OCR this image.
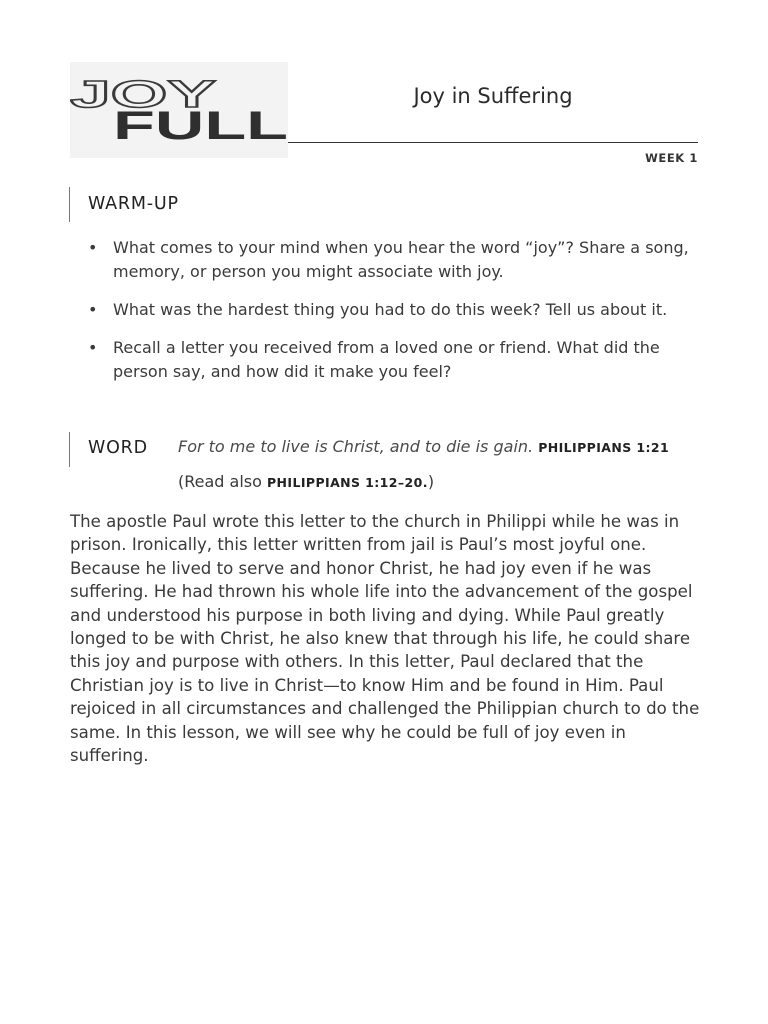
JOY
FULL
Joy in Suffering
WEEK 1
WARM-UP
• What comes to your mind when you hear the word “joy”? Share a song, memory, or person you might associate with joy.
• What was the hardest thing you had to do this week? Tell us about it.
• Recall a letter you received from a loved one or friend. What did the person say, and how did it make you feel?
WORD For to me to live is Christ, and to die is gain. PHILIPPIANS 1:21
(Read also PHILIPPIANS 1:12–20.)

The apostle Paul wrote this letter to the church in Philippi while he was in prison. Ironically, this letter written from jail is Paul’s most joyful one. Because he lived to serve and honor Christ, he had joy even if he was suffering. He had thrown his whole life into the advancement of the gospel and understood his purpose in both living and dying. While Paul greatly longed to be with Christ, he also knew that through his life, he could share this joy and purpose with others. In this letter, Paul declared that the Christian joy is to live in Christ—to know Him and be found in Him. Paul rejoiced in all circumstances and challenged the Philippian church to do the same. In this lesson, we will see why he could be full of joy even in suffering.
